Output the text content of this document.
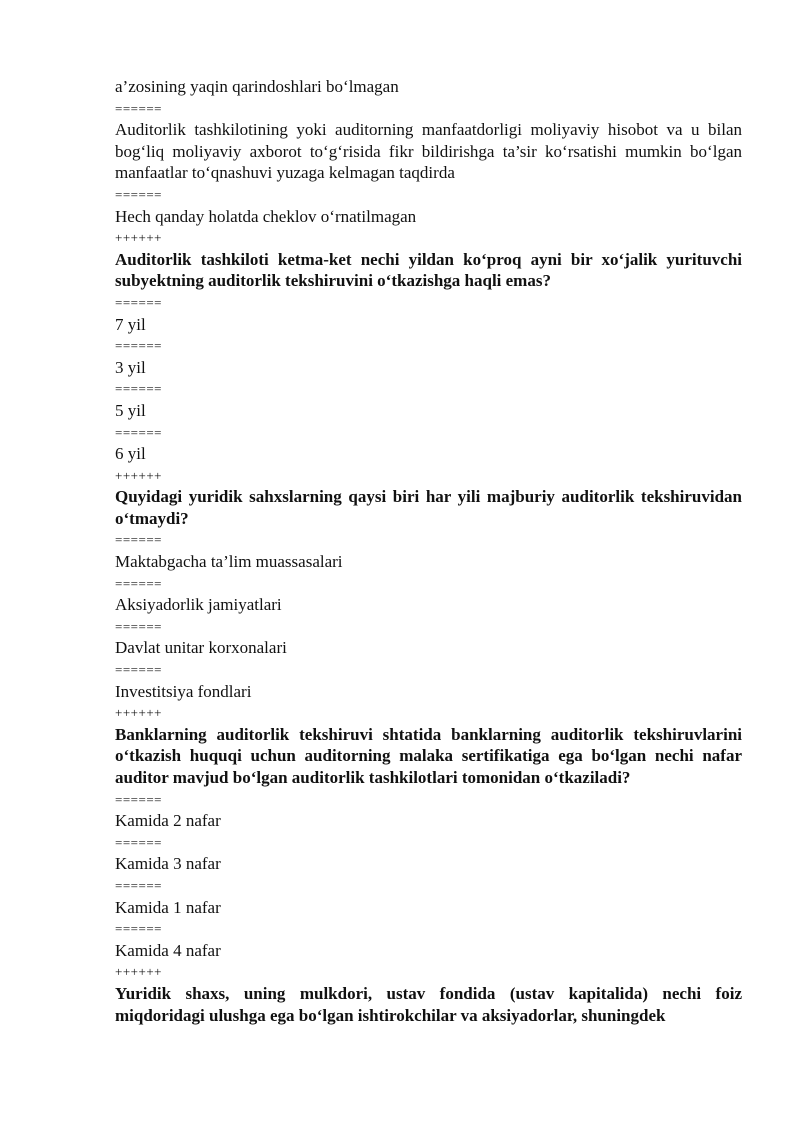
a’zosining yaqin qarindoshlari bo‘lmagan
======
Auditorlik tashkilotining yoki auditorning manfaatdorligi moliyaviy hisobot va u bilan bog‘liq moliyaviy axborot to‘g‘risida fikr bildirishga ta’sir ko‘rsatishi mumkin bo‘lgan manfaatlar to‘qnashuvi yuzaga kelmagan taqdirda
======
Hech qanday holatda cheklov o‘rnatilmagan
++++++
Auditorlik tashkiloti ketma-ket nechi yildan ko‘proq ayni bir xo‘jalik yurituvchi subyektning auditorlik tekshiruvini o‘tkazishga haqli emas?
======
7 yil
======
3 yil
======
5 yil
======
6 yil
++++++
Quyidagi yuridik sahxslarning qaysi biri har yili majburiy auditorlik tekshiruvidan o‘tmaydi?
======
Maktabgacha ta’lim muassasalari
======
Aksiyadorlik jamiyatlari
======
Davlat unitar korxonalari
======
Investitsiya fondlari
++++++
Banklarning auditorlik tekshiruvi shtatida banklarning auditorlik tekshiruvlarini o‘tkazish huquqi uchun auditorning malaka sertifikatiga ega bo‘lgan nechi nafar auditor mavjud bo‘lgan auditorlik tashkilotlari tomonidan o‘tkaziladi?
======
Kamida 2 nafar
======
Kamida 3 nafar
======
Kamida 1 nafar
======
Kamida 4 nafar
++++++
Yuridik shaxs, uning mulkdori, ustav fondida (ustav kapitalida) nechi foiz miqdoridagi ulushga ega bo‘lgan ishtirokchilar va aksiyadorlar, shuningdek
